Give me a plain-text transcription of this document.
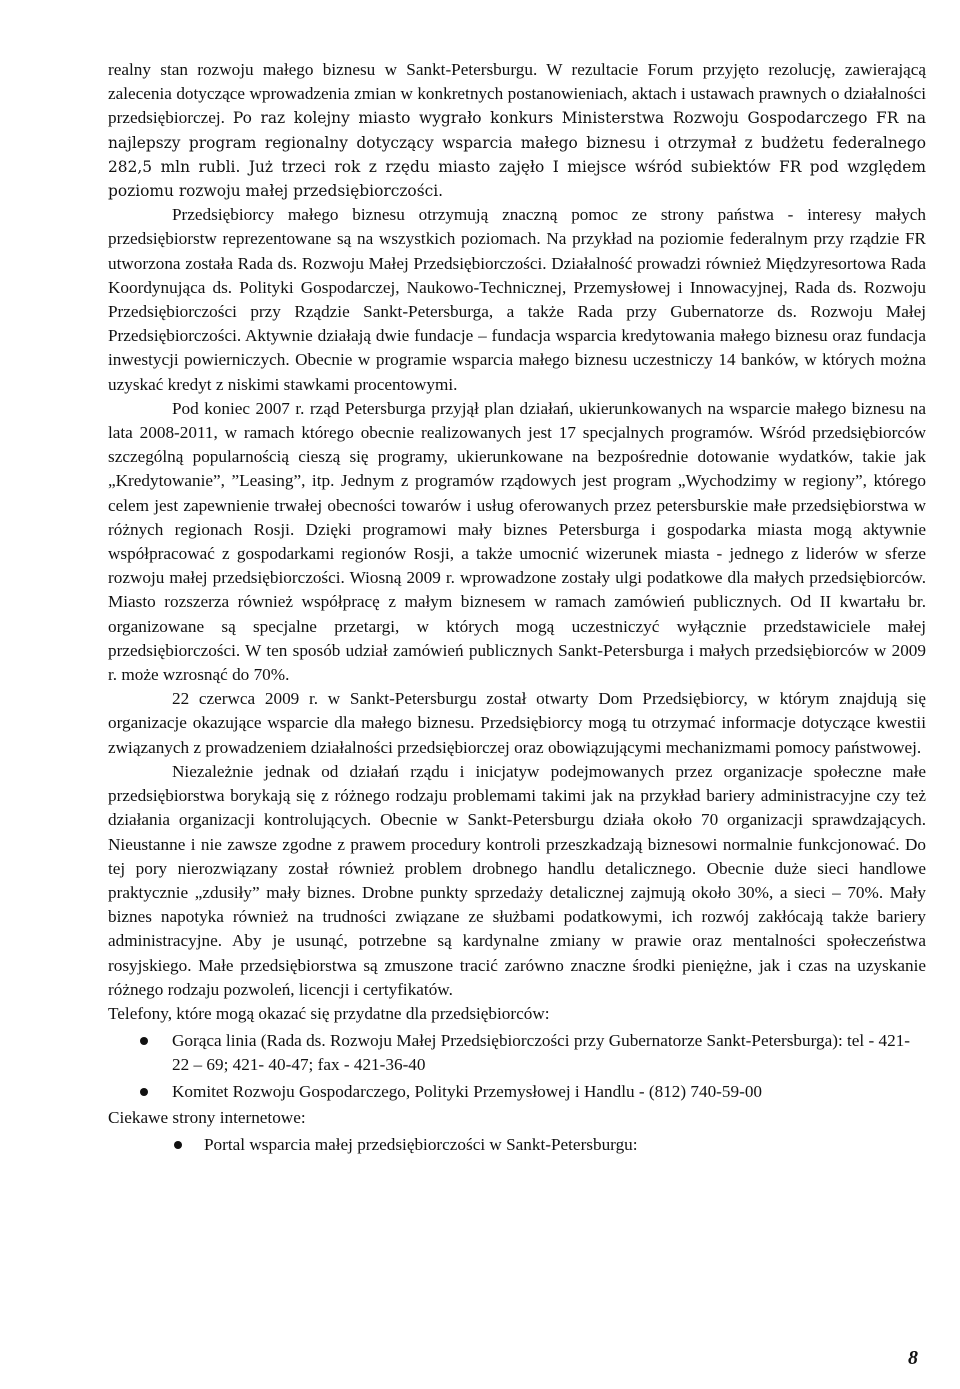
realny stan rozwoju małego biznesu w Sankt-Petersburgu. W rezultacie Forum przyjęto rezolucję, zawierającą zalecenia dotyczące wprowadzenia zmian w konkretnych postanowieniach, aktach i ustawach prawnych o działalności przedsiębiorczej. Po raz kolejny miasto wygrało konkurs Ministerstwa Rozwoju Gospodarczego FR na najlepszy program regionalny dotyczący wsparcia małego biznesu i otrzymał z budżetu federalnego 282,5 mln rubli. Już trzeci rok z rzędu miasto zajęło I miejsce wśród subiektów FR pod względem poziomu rozwoju małej przedsiębiorczości.

Przedsiębiorcy małego biznesu otrzymują znaczną pomoc ze strony państwa - interesy małych przedsiębiorstw reprezentowane są na wszystkich poziomach. Na przykład na poziomie federalnym przy rządzie FR utworzona została Rada ds. Rozwoju Małej Przedsiębiorczości. Działalność prowadzi również Międzyresortowa Rada Koordynująca ds. Polityki Gospodarczej, Naukowo-Technicznej, Przemysłowej i Innowacyjnej, Rada ds. Rozwoju Przedsiębiorczości przy Rządzie Sankt-Petersburga, a także Rada przy Gubernatorze ds. Rozwoju Małej Przedsiębiorczości. Aktywnie działają dwie fundacje – fundacja wsparcia kredytowania małego biznesu oraz fundacja inwestycji powierniczych. Obecnie w programie wsparcia małego biznesu uczestniczy 14 banków, w których można uzyskać kredyt z niskimi stawkami procentowymi.

Pod koniec 2007 r. rząd Petersburga przyjął plan działań, ukierunkowanych na wsparcie małego biznesu na lata 2008-2011, w ramach którego obecnie realizowanych jest 17 specjalnych programów. Wśród przedsiębiorców szczególną popularnością cieszą się programy, ukierunkowane na bezpośrednie dotowanie wydatków, takie jak „Kredytowanie”, ”Leasing”, itp. Jednym z programów rządowych jest program „Wychodzimy w regiony”, którego celem jest zapewnienie trwałej obecności towarów i usług oferowanych przez petersburskie małe przedsiębiorstwa w różnych regionach Rosji. Dzięki programowi mały biznes Petersburga i gospodarka miasta mogą aktywnie współpracować z gospodarkami regionów Rosji, a także umocnić wizerunek miasta - jednego z liderów w sferze rozwoju małej przedsiębiorczości. Wiosną 2009 r. wprowadzone zostały ulgi podatkowe dla małych przedsiębiorców. Miasto rozszerza również współpracę z małym biznesem w ramach zamówień publicznych. Od II kwartału br. organizowane są specjalne przetargi, w których mogą uczestniczyć wyłącznie przedstawiciele małej przedsiębiorczości. W ten sposób udział zamówień publicznych Sankt-Petersburga i małych przedsiębiorców w 2009 r. może wzrosnąć do 70%.

22 czerwca 2009 r. w Sankt-Petersburgu został otwarty Dom Przedsiębiorcy, w którym znajdują się organizacje okazujące wsparcie dla małego biznesu. Przedsiębiorcy mogą tu otrzymać informacje dotyczące kwestii związanych z prowadzeniem działalności przedsiębiorczej oraz obowiązującymi mechanizmami pomocy państwowej.

Niezależnie jednak od działań rządu i inicjatyw podejmowanych przez organizacje społeczne małe przedsiębiorstwa borykają się z różnego rodzaju problemami takimi jak na przykład bariery administracyjne czy też działania organizacji kontrolujących. Obecnie w Sankt-Petersburgu działa około 70 organizacji sprawdzających. Nieustanne i nie zawsze zgodne z prawem procedury kontroli przeszkadzają biznesowi normalnie funkcjonować. Do tej pory nierozwiązany został również problem drobnego handlu detalicznego. Obecnie duże sieci handlowe praktycznie „zdusiły” mały biznes. Drobne punkty sprzedaży detalicznej zajmują około 30%, a sieci – 70%. Mały biznes napotyka również na trudności związane ze służbami podatkowymi, ich rozwój zakłócają także bariery administracyjne. Aby je usunąć, potrzebne są kardynalne zmiany w prawie oraz mentalności społeczeństwa rosyjskiego. Małe przedsiębiorstwa są zmuszone tracić zarówno znaczne środki pieniężne, jak i czas na uzyskanie różnego rodzaju pozwoleń, licencji i certyfikatów.

Telefony, które mogą okazać się przydatne dla przedsiębiorców:

Gorąca linia (Rada ds. Rozwoju Małej Przedsiębiorczości przy Gubernatorze Sankt-Petersburga): tel - 421- 22 – 69; 421- 40-47; fax - 421-36-40
Komitet Rozwoju Gospodarczego, Polityki Przemysłowej i Handlu - (812) 740-59-00

Ciekawe strony internetowe:

Portal wsparcia małej przedsiębiorczości w Sankt-Petersburgu:
8
